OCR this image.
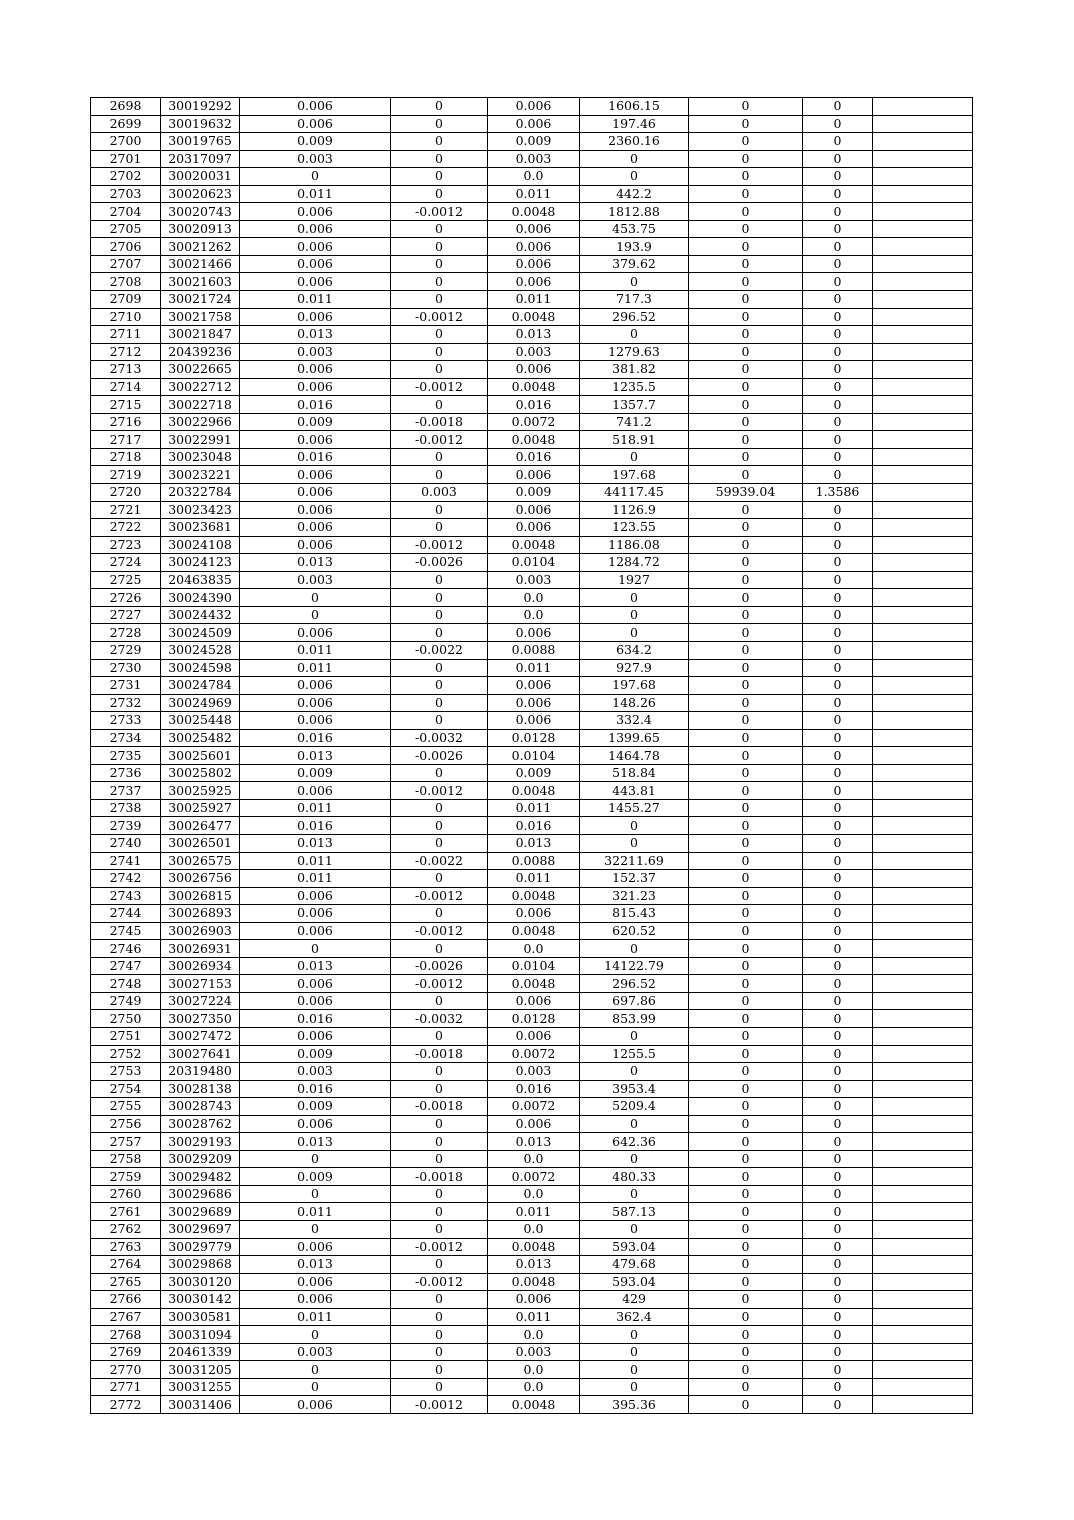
2698	30019292	0.006	0	0.006	1606.15	0	0	
2699	30019632	0.006	0	0.006	197.46	0	0	
2700	30019765	0.009	0	0.009	2360.16	0	0	
2701	20317097	0.003	0	0.003	0	0	0	
2702	30020031	0	0	0.0	0	0	0	
2703	30020623	0.011	0	0.011	442.2	0	0	
2704	30020743	0.006	-0.0012	0.0048	1812.88	0	0	
2705	30020913	0.006	0	0.006	453.75	0	0	
2706	30021262	0.006	0	0.006	193.9	0	0	
2707	30021466	0.006	0	0.006	379.62	0	0	
2708	30021603	0.006	0	0.006	0	0	0	
2709	30021724	0.011	0	0.011	717.3	0	0	
2710	30021758	0.006	-0.0012	0.0048	296.52	0	0	
2711	30021847	0.013	0	0.013	0	0	0	
2712	20439236	0.003	0	0.003	1279.63	0	0	
2713	30022665	0.006	0	0.006	381.82	0	0	
2714	30022712	0.006	-0.0012	0.0048	1235.5	0	0	
2715	30022718	0.016	0	0.016	1357.7	0	0	
2716	30022966	0.009	-0.0018	0.0072	741.2	0	0	
2717	30022991	0.006	-0.0012	0.0048	518.91	0	0	
2718	30023048	0.016	0	0.016	0	0	0	
2719	30023221	0.006	0	0.006	197.68	0	0	
2720	20322784	0.006	0.003	0.009	44117.45	59939.04	1.3586	
2721	30023423	0.006	0	0.006	1126.9	0	0	
2722	30023681	0.006	0	0.006	123.55	0	0	
2723	30024108	0.006	-0.0012	0.0048	1186.08	0	0	
2724	30024123	0.013	-0.0026	0.0104	1284.72	0	0	
2725	20463835	0.003	0	0.003	1927	0	0	
2726	30024390	0	0	0.0	0	0	0	
2727	30024432	0	0	0.0	0	0	0	
2728	30024509	0.006	0	0.006	0	0	0	
2729	30024528	0.011	-0.0022	0.0088	634.2	0	0	
2730	30024598	0.011	0	0.011	927.9	0	0	
2731	30024784	0.006	0	0.006	197.68	0	0	
2732	30024969	0.006	0	0.006	148.26	0	0	
2733	30025448	0.006	0	0.006	332.4	0	0	
2734	30025482	0.016	-0.0032	0.0128	1399.65	0	0	
2735	30025601	0.013	-0.0026	0.0104	1464.78	0	0	
2736	30025802	0.009	0	0.009	518.84	0	0	
2737	30025925	0.006	-0.0012	0.0048	443.81	0	0	
2738	30025927	0.011	0	0.011	1455.27	0	0	
2739	30026477	0.016	0	0.016	0	0	0	
2740	30026501	0.013	0	0.013	0	0	0	
2741	30026575	0.011	-0.0022	0.0088	32211.69	0	0	
2742	30026756	0.011	0	0.011	152.37	0	0	
2743	30026815	0.006	-0.0012	0.0048	321.23	0	0	
2744	30026893	0.006	0	0.006	815.43	0	0	
2745	30026903	0.006	-0.0012	0.0048	620.52	0	0	
2746	30026931	0	0	0.0	0	0	0	
2747	30026934	0.013	-0.0026	0.0104	14122.79	0	0	
2748	30027153	0.006	-0.0012	0.0048	296.52	0	0	
2749	30027224	0.006	0	0.006	697.86	0	0	
2750	30027350	0.016	-0.0032	0.0128	853.99	0	0	
2751	30027472	0.006	0	0.006	0	0	0	
2752	30027641	0.009	-0.0018	0.0072	1255.5	0	0	
2753	20319480	0.003	0	0.003	0	0	0	
2754	30028138	0.016	0	0.016	3953.4	0	0	
2755	30028743	0.009	-0.0018	0.0072	5209.4	0	0	
2756	30028762	0.006	0	0.006	0	0	0	
2757	30029193	0.013	0	0.013	642.36	0	0	
2758	30029209	0	0	0.0	0	0	0	
2759	30029482	0.009	-0.0018	0.0072	480.33	0	0	
2760	30029686	0	0	0.0	0	0	0	
2761	30029689	0.011	0	0.011	587.13	0	0	
2762	30029697	0	0	0.0	0	0	0	
2763	30029779	0.006	-0.0012	0.0048	593.04	0	0	
2764	30029868	0.013	0	0.013	479.68	0	0	
2765	30030120	0.006	-0.0012	0.0048	593.04	0	0	
2766	30030142	0.006	0	0.006	429	0	0	
2767	30030581	0.011	0	0.011	362.4	0	0	
2768	30031094	0	0	0.0	0	0	0	
2769	20461339	0.003	0	0.003	0	0	0	
2770	30031205	0	0	0.0	0	0	0	
2771	30031255	0	0	0.0	0	0	0	
2772	30031406	0.006	-0.0012	0.0048	395.36	0	0	
